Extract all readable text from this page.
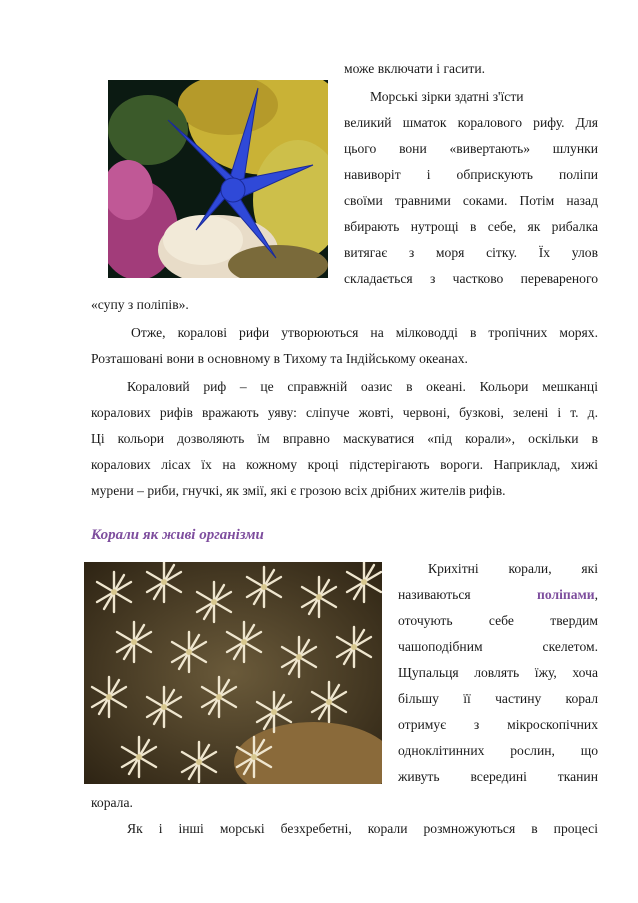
може включати і гасити.
Морські зірки здатні з'їсти
великий шматок коралового рифу. Для
цього вони «вивертають» шлунки
навиворіт і обприскують поліпи
своїми травними соками. Потім назад
вбирають нутрощі в себе, як рибалка
витягає з моря сітку. Їх улов
складається з частково перевареного
«супу з поліпів».
Отже, коралові рифи утворюються на мілководді в тропічних морях.
Розташовані вони в основному в Тихому та Індійському океанах.
Кораловий риф – це справжній оазис в океані. Кольори мешканці
коралових рифів вражають уяву: сліпуче жовті, червоні, бузкові, зелені і т. д.
Ці кольори дозволяють їм вправно маскуватися «під корали», оскільки в
коралових лісах їх на кожному кроці підстерігають вороги. Наприклад, хижі
мурени – риби, гнучкі, як змії, які є грозою всіх дрібних жителів рифів.
Корали як живі організми
Крихітні корали, які
називаються	поліпами,
оточують себе твердим
чашоподібним скелетом.
Щупальця ловлять їжу, хоча
більшу її частину корал
отримує з мікроскопічних
одноклітинних рослин, що
живуть всередині тканин
корала.
Як і інші морські безхребетні, корали розмножуються в процесі
